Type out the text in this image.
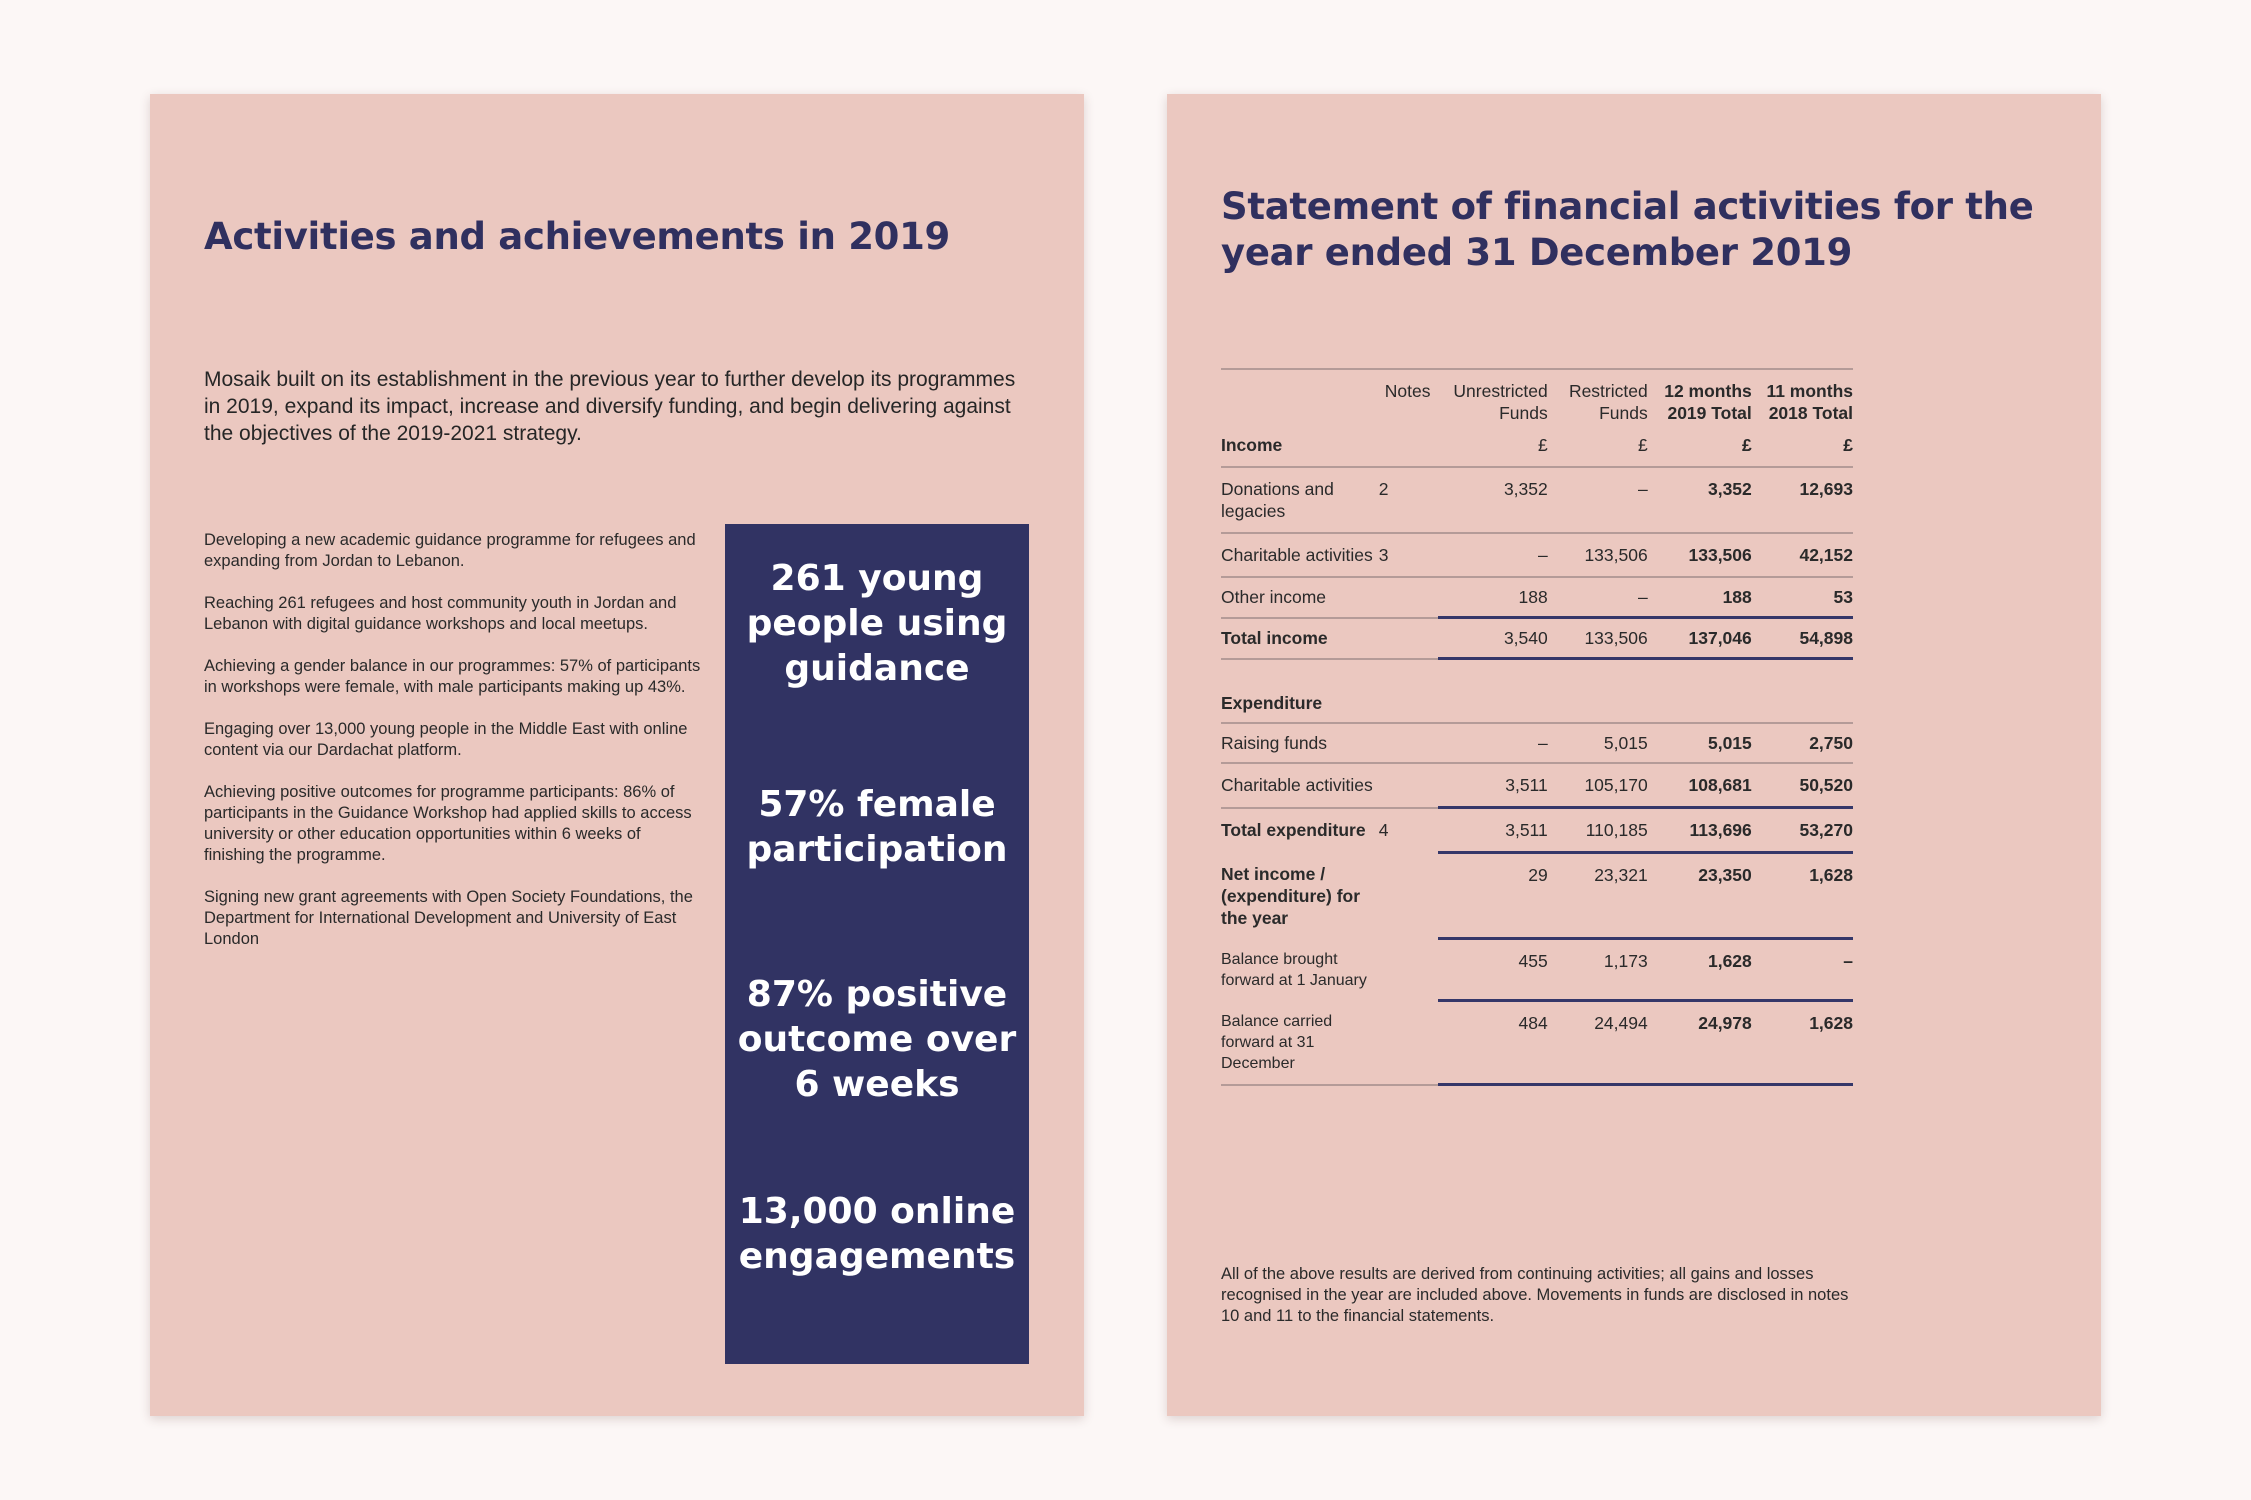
Activities and achievements in 2019

Mosaik built on its establishment in the previous year to further develop its programmes in 2019, expand its impact, increase and diversify funding, and begin delivering against the objectives of the 2019-2021 strategy.

Developing a new academic guidance programme for refugees and expanding from Jordan to Lebanon.
Reaching 261 refugees and host community youth in Jordan and Lebanon with digital guidance workshops and local meetups.
Achieving a gender balance in our programmes: 57% of participants in workshops were female, with male participants making up 43%.
Engaging over 13,000 young people in the Middle East with online content via our Dardachat platform.
Achieving positive outcomes for programme participants: 86% of participants in the Guidance Workshop had applied skills to access university or other education opportunities within 6 weeks of finishing the programme.
Signing new grant agreements with Open Society Foundations, the Department for International Development and University of East London

261 young people using guidance

57% female participation

87% positive outcome over 6 weeks

13,000 online engagements

Statement of financial activities for the year ended 31 December 2019
	Notes	Unrestricted Funds	Restricted Funds	12 months 2019 Total	11 months 2018 Total
Income		£	£	£	£
Donations and legacies	2	3,352	–	3,352	12,693
Charitable activities	3	–	133,506	133,506	42,152
Other income		188	–	188	53
Total income		3,540	133,506	137,046	54,898

Expenditure					
Raising funds		–	5,015	5,015	2,750
Charitable activities		3,511	105,170	108,681	50,520
Total expenditure	4	3,511	110,185	113,696	53,270
Net income / (expenditure) for the year		29	23,321	23,350	1,628
Balance brought forward at 1 January		455	1,173	1,628	–
Balance carried forward at 31 December		484	24,494	24,978	1,628

All of the above results are derived from continuing activities; all gains and losses recognised in the year are included above. Movements in funds are disclosed in notes 10 and 11 to the financial statements.
